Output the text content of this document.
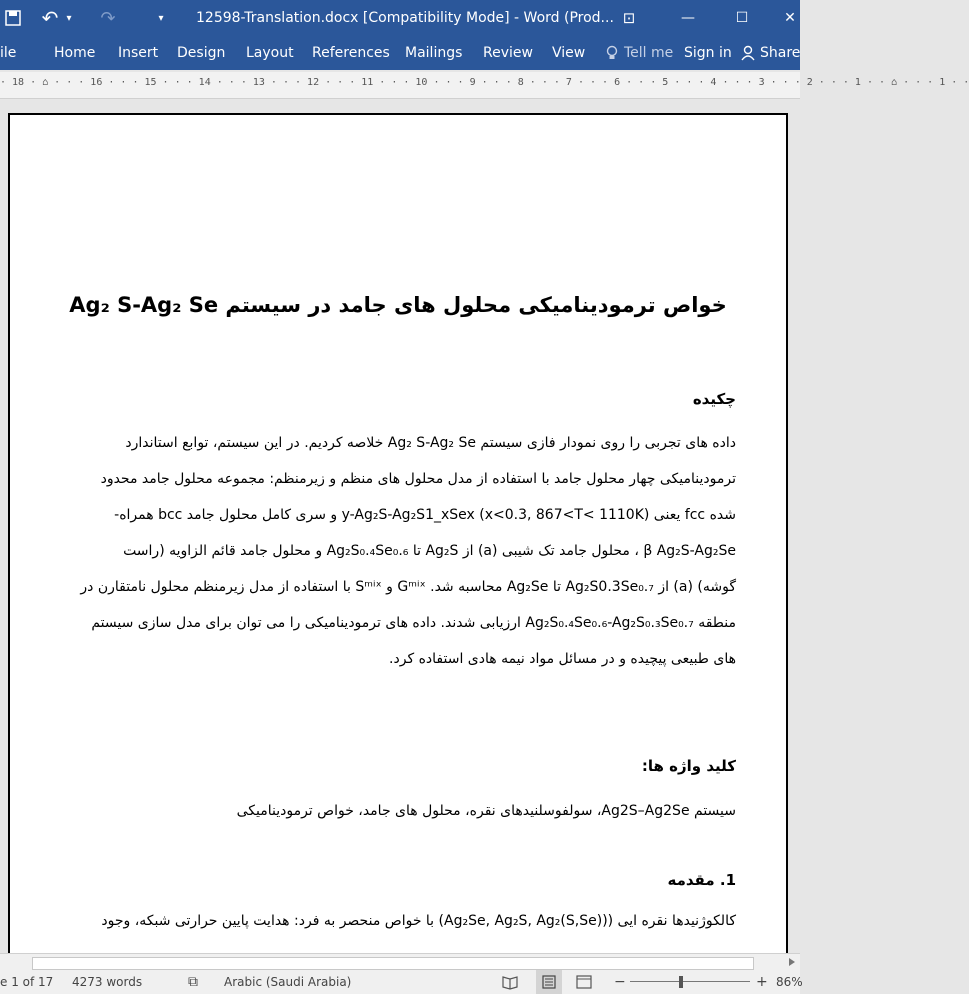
↶ ▾	↷	▾	12598-Translation.docx [Compatibility Mode] - Word (Prod... ⊡	—	☐	✕
ile	Home Insert Design Layout References Mailings Review View	Tell me Sign in Share
· 18 · ⌂ · · · 16 · · · 15 · · · 14 · · · 13 · · · 12 · · · 11 · · · 10 · · · 9 · · · 8 · · · 7 · · · 6 · · · 5 · · · 4 · · · 3 · · · 2 · · · 1 · · ⌂ · · · 1 · ·
خواص ترمودینامیکی محلول های جامد در سیستم Ag₂ S-Ag₂ Se
چکیده

داده های تجربی را روی نمودار فازی سیستم Ag₂ S-Ag₂ Se خلاصه کردیم. در این سیستم، توابع استاندارد

ترمودینامیکی چهار محلول جامد با استفاده از مدل محلول های منظم و زیرمنظم: مجموعه محلول جامد محدود

شده fcc یعنی y-Ag₂S-Ag₂S1_xSex (x<0.3, 867<T< 1110K) و سری کامل محلول جامد bcc همراه-

β Ag₂S-Ag₂Se ، محلول جامد تک شیبی (a) از Ag₂S تا Ag₂S₀.₄Se₀.₆ و محلول جامد قائم الزاویه (راست

گوشه) (a) از Ag₂S0.3Se₀.₇ تا Ag₂Se محاسبه شد. Gᵐⁱˣ و Sᵐⁱˣ با استفاده از مدل زیرمنظم محلول نامتقارن در

منطقه Ag₂S₀.₄Se₀.₆-Ag₂S₀.₃Se₀.₇ ارزیابی شدند. داده های ترمودینامیکی را می توان برای مدل سازی سیستم

های طبیعی پیچیده و در مسائل مواد نیمه هادی استفاده کرد.

کلید واژه ها:
سیستم Ag2S–Ag2Se، سولفوسلنیدهای نقره، محلول های جامد، خواص ترمودینامیکی
1. مقدمه
کالکوژنیدها نقره ایی ((Ag₂Se, Ag₂S, Ag₂(S,Se)) با خواص منحصر به فرد: هدایت پایین حرارتی شبکه، وجود
e 1 of 17 4273 words	⧉ Arabic (Saudi Arabia)	−	+ 86%
